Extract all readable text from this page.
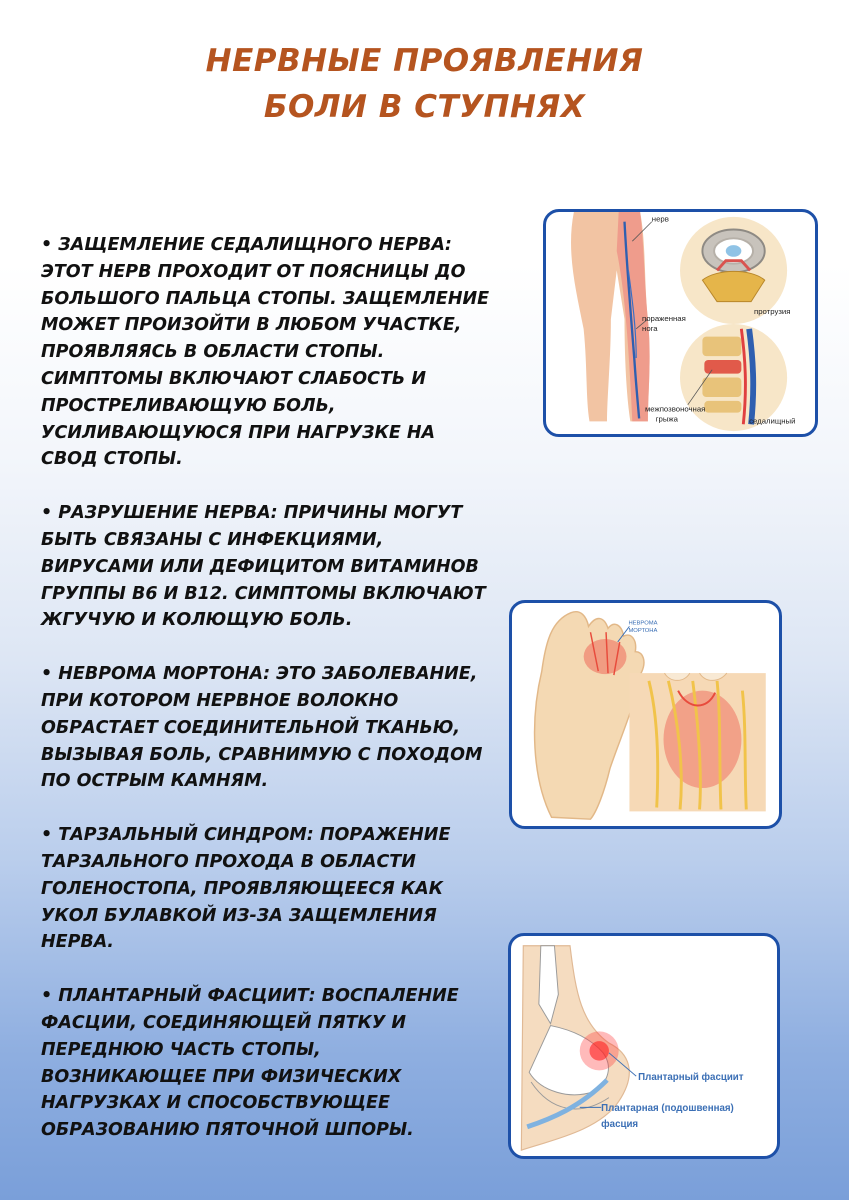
НЕРВНЫЕ ПРОЯВЛЕНИЯ
БОЛИ В СТУПНЯХ

• ЗАЩЕМЛЕНИЕ СЕДАЛИЩНОГО НЕРВА: ЭТОТ НЕРВ ПРОХОДИТ ОТ ПОЯСНИЦЫ ДО БОЛЬШОГО ПАЛЬЦА СТОПЫ. ЗАЩЕМЛЕНИЕ МОЖЕТ ПРОИЗОЙТИ В ЛЮБОМ УЧАСТКЕ, ПРОЯВЛЯЯСЬ В ОБЛАСТИ СТОПЫ. СИМПТОМЫ ВКЛЮЧАЮТ СЛАБОСТЬ И ПРОСТРЕЛИВАЮЩУЮ БОЛЬ, УСИЛИВАЮЩУЮСЯ ПРИ НАГРУЗКЕ НА СВОД СТОПЫ.

• РАЗРУШЕНИЕ НЕРВА: ПРИЧИНЫ МОГУТ БЫТЬ СВЯЗАНЫ С ИНФЕКЦИЯМИ, ВИРУСАМИ ИЛИ ДЕФИЦИТОМ ВИТАМИНОВ ГРУППЫ B6 И B12. СИМПТОМЫ ВКЛЮЧАЮТ ЖГУЧУЮ И КОЛЮЩУЮ БОЛЬ.

• НЕВРОМА МОРТОНА: ЭТО ЗАБОЛЕВАНИЕ, ПРИ КОТОРОМ НЕРВНОЕ ВОЛОКНО ОБРАСТАЕТ СОЕДИНИТЕЛЬНОЙ ТКАНЬЮ, ВЫЗЫВАЯ БОЛЬ, СРАВНИМУЮ С ПОХОДОМ ПО ОСТРЫМ КАМНЯМ.

• ТАРЗАЛЬНЫЙ СИНДРОМ: ПОРАЖЕНИЕ ТАРЗАЛЬНОГО ПРОХОДА В ОБЛАСТИ ГОЛЕНОСТОПА, ПРОЯВЛЯЮЩЕЕСЯ КАК УКОЛ БУЛАВКОЙ ИЗ-ЗА ЗАЩЕМЛЕНИЯ НЕРВА.

• ПЛАНТАРНЫЙ ФАСЦИИТ: ВОСПАЛЕНИЕ ФАСЦИИ, СОЕДИНЯЮЩЕЙ ПЯТКУ И ПЕРЕДНЮЮ ЧАСТЬ СТОПЫ, ВОЗНИКАЮЩЕЕ ПРИ ФИЗИЧЕСКИХ НАГРУЗКАХ И СПОСОБСТВУЮЩЕЕ ОБРАЗОВАНИЮ ПЯТОЧНОЙ ШПОРЫ.

нерв
протрузия
пораженная
нога
межпозвоночная
грыжа	седалищный
НЕВРОМА
МОРТОНА
Плантарный фасциит
Плантарная (подошвенная)
фасция
